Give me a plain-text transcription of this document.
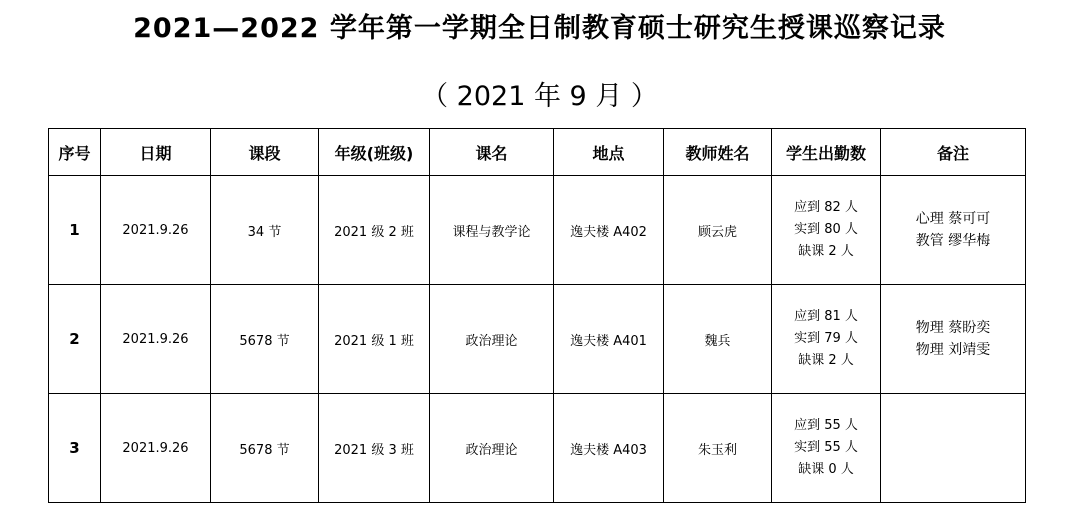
2021—2022 学年第一学期全日制教育硕士研究生授课巡察记录
（ 2021 年 9 月 ）
序号	日期	课段	年级(班级)	课名	地点	教师姓名	学生出勤数	备注
1	2021.9.26	34 节	2021 级 2 班	课程与教学论	逸夫楼 A402	顾云虎	应到 82 人
实到 80 人
缺课 2 人	心理 蔡可可
教管 缪华梅

2	2021.9.26	5678 节	2021 级 1 班	政治理论	逸夫楼 A401	魏兵	应到 81 人
实到 79 人
缺课 2 人	物理 蔡盼奕
物理 刘靖雯

3	2021.9.26	5678 节	2021 级 3 班	政治理论	逸夫楼 A403	朱玉利	应到 55 人
实到 55 人
缺课 0 人	
